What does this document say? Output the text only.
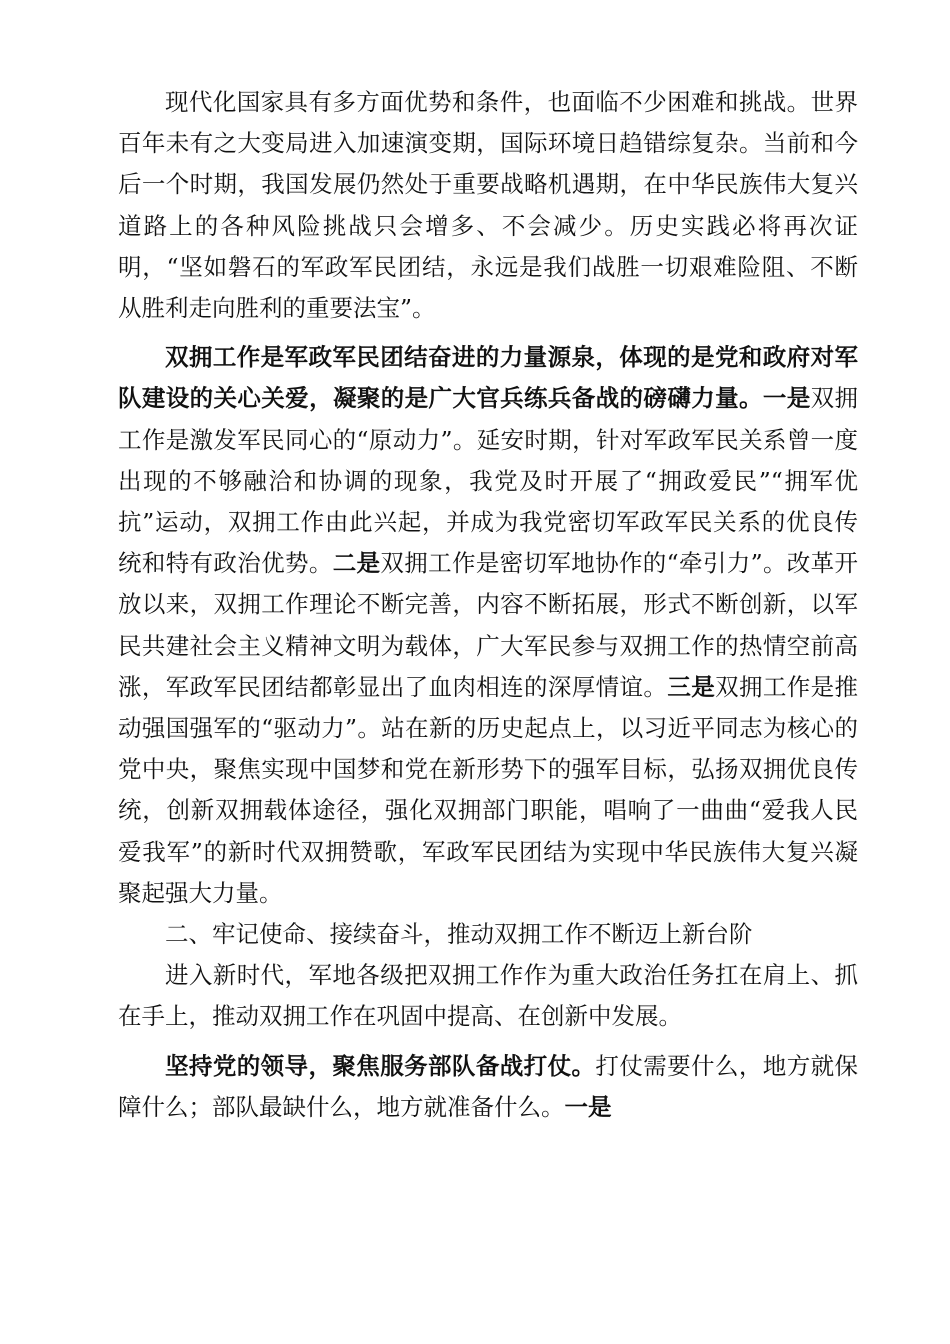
现代化国家具有多方面优势和条件，也面临不少困难和挑战。世界百年未有之大变局进入加速演变期，国际环境日趋错综复杂。当前和今后一个时期，我国发展仍然处于重要战略机遇期，在中华民族伟大复兴道路上的各种风险挑战只会增多、不会减少。历史实践必将再次证明，“坚如磐石的军政军民团结，永远是我们战胜一切艰难险阻、不断从胜利走向胜利的重要法宝”。

双拥工作是军政军民团结奋进的力量源泉，体现的是党和政府对军队建设的关心关爱，凝聚的是广大官兵练兵备战的磅礴力量。一是双拥工作是激发军民同心的“原动力”。延安时期，针对军政军民关系曾一度出现的不够融洽和协调的现象，我党及时开展了“拥政爱民”“拥军优抗”运动，双拥工作由此兴起，并成为我党密切军政军民关系的优良传统和特有政治优势。二是双拥工作是密切军地协作的“牵引力”。改革开放以来，双拥工作理论不断完善，内容不断拓展，形式不断创新，以军民共建社会主义精神文明为载体，广大军民参与双拥工作的热情空前高涨，军政军民团结都彰显出了血肉相连的深厚情谊。三是双拥工作是推动强国强军的“驱动力”。站在新的历史起点上，以习近平同志为核心的党中央，聚焦实现中国梦和党在新形势下的强军目标，弘扬双拥优良传统，创新双拥载体途径，强化双拥部门职能，唱响了一曲曲“爱我人民爱我军”的新时代双拥赞歌，军政军民团结为实现中华民族伟大复兴凝聚起强大力量。

二、牢记使命、接续奋斗，推动双拥工作不断迈上新台阶

进入新时代，军地各级把双拥工作作为重大政治任务扛在肩上、抓在手上，推动双拥工作在巩固中提高、在创新中发展。

坚持党的领导，聚焦服务部队备战打仗。打仗需要什么，地方就保障什么；部队最缺什么，地方就准备什么。一是
